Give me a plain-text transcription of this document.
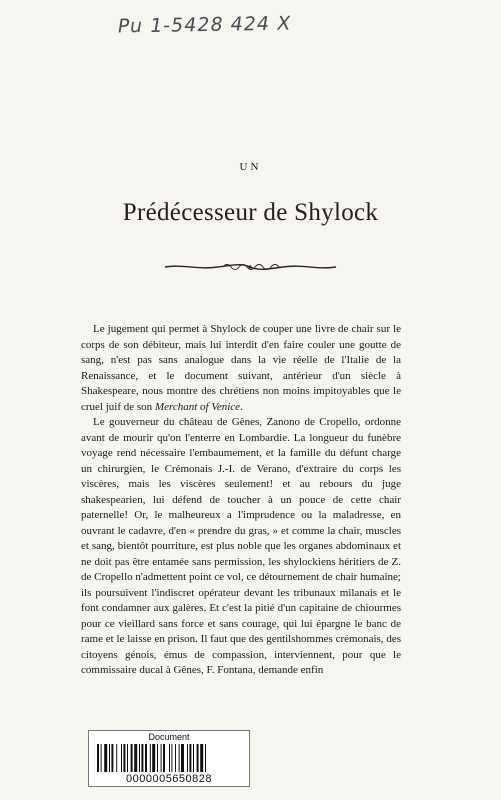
Pu 1-5428 424 X
UN
Prédécesseur de Shylock

Le jugement qui permet à Shylock de couper une livre de chair sur le corps de son débiteur, mais lui interdit d'en faire couler une goutte de sang, n'est pas sans analogue dans la vie réelle de l'Italie de la Renaissance, et le document suivant, antérieur d'un siècle à Shakespeare, nous montre des chrétiens non moins impitoyables que le cruel juif de son Merchant of Venice.

Le gouverneur du château de Gênes, Zanono de Cropello, ordonne avant de mourir qu'on l'enterre en Lombardie. La longueur du funèbre voyage rend nécessaire l'embaumement, et la famille du défunt charge un chirurgien, le Crémonais J.-I. de Verano, d'extraire du corps les viscères, mais les viscères seulement! et au rebours du juge shakespearien, lui défend de toucher à un pouce de cette chair paternelle! Or, le malheureux a l'imprudence ou la maladresse, en ouvrant le cadavre, d'en « prendre du gras, » et comme la chair, muscles et sang, bientôt pourriture, est plus noble que les organes abdominaux et ne doit pas être entamée sans permission, les shylockiens héritiers de Z. de Cropello n'admettent point ce vol, ce détournement de chair humaine; ils poursuivent l'indiscret opérateur devant les tribunaux milanais et le font condamner aux galères. Et c'est la pitié d'un capitaine de chiourmes pour ce vieillard sans force et sans courage, qui lui épargne le banc de rame et le laisse en prison. Il faut que des gentilshommes crémonais, des citoyens génois, émus de compassion, interviennent, pour que le commissaire ducal à Gênes, F. Fontana, demande enfin

Document
0000005650828
